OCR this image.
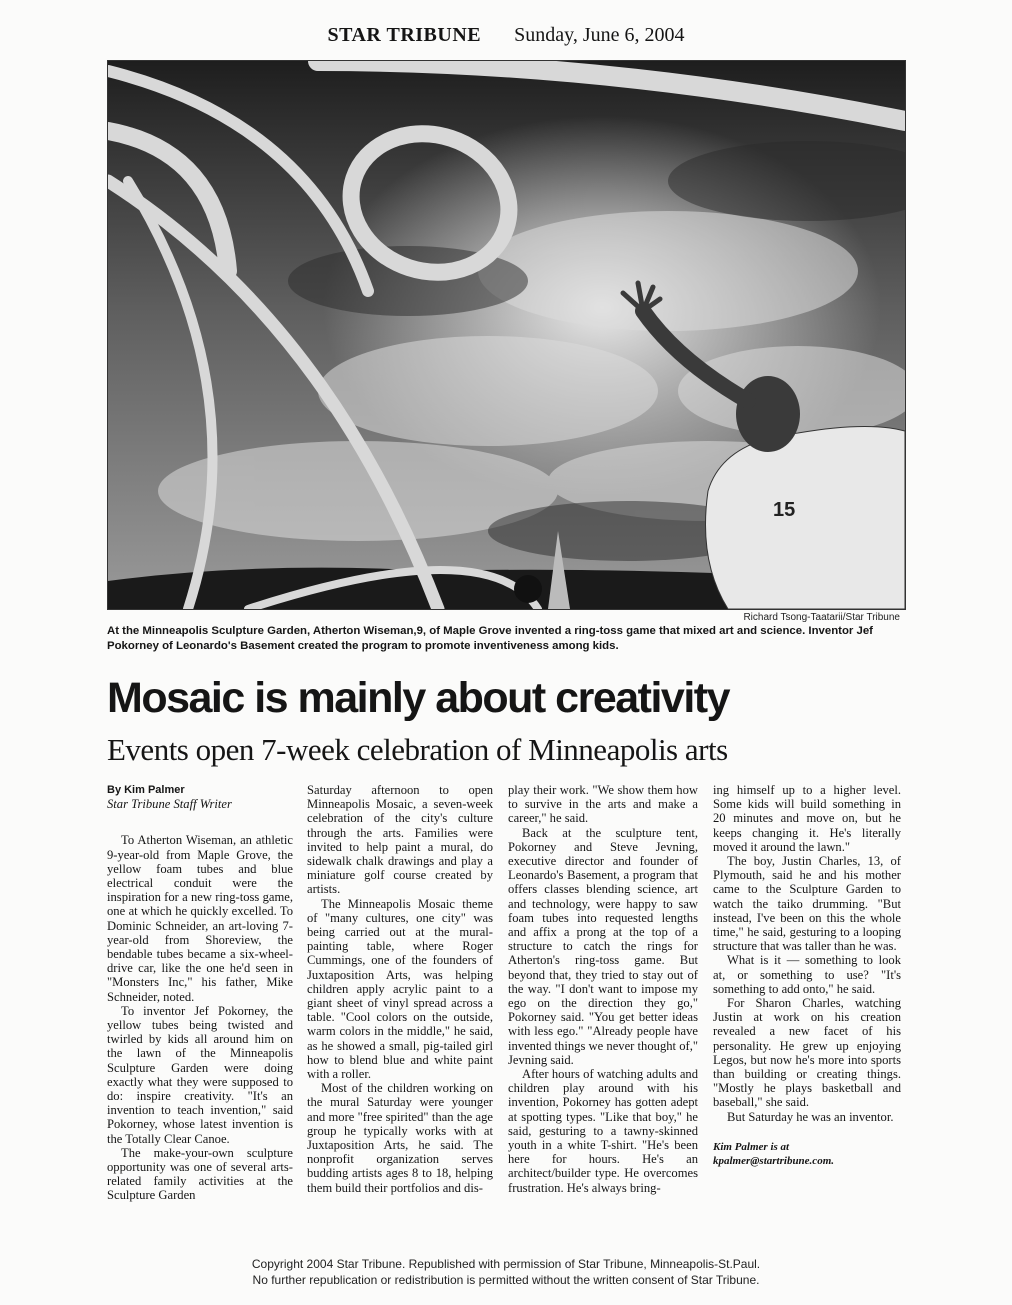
STAR TRIBUNE Sunday, June 6, 2004
15
Richard Tsong-Taatarii/Star Tribune
At the Minneapolis Sculpture Garden, Atherton Wiseman,9, of Maple Grove invented a ring-toss game that mixed art and science. Inventor Jef Pokorney of Leonardo's Basement created the program to promote inventiveness among kids.
Mosaic is mainly about creativity
Events open 7-week celebration of Minneapolis arts

By Kim Palmer

Star Tribune Staff Writer

To Atherton Wiseman, an athletic 9-year-old from Maple Grove, the yellow foam tubes and blue electrical conduit were the inspiration for a new ring-toss game, one at which he quickly excelled. To Dominic Schneider, an art-loving 7-year-old from Shoreview, the bendable tubes became a six-wheel-drive car, like the one he'd seen in "Monsters Inc," his father, Mike Schneider, noted.

To inventor Jef Pokorney, the yellow tubes being twisted and twirled by kids all around him on the lawn of the Minneapolis Sculpture Garden were doing exactly what they were supposed to do: inspire creativity. "It's an invention to teach invention," said Pokorney, whose latest invention is the Totally Clear Canoe.

The make-your-own sculpture opportunity was one of several arts-related family activities at the Sculpture Garden

Saturday afternoon to open Minneapolis Mosaic, a seven-week celebration of the city's culture through the arts. Families were invited to help paint a mural, do sidewalk chalk drawings and play a miniature golf course created by artists.

The Minneapolis Mosaic theme of "many cultures, one city" was being carried out at the mural-painting table, where Roger Cummings, one of the founders of Juxtaposition Arts, was helping children apply acrylic paint to a giant sheet of vinyl spread across a table. "Cool colors on the outside, warm colors in the middle," he said, as he showed a small, pig-tailed girl how to blend blue and white paint with a roller.

Most of the children working on the mural Saturday were younger and more "free spirited" than the age group he typically works with at Juxtaposition Arts, he said. The nonprofit organization serves budding artists ages 8 to 18, helping them build their portfolios and dis-

play their work. "We show them how to survive in the arts and make a career," he said.

Back at the sculpture tent, Pokorney and Steve Jevning, executive director and founder of Leonardo's Basement, a program that offers classes blending science, art and technology, were happy to saw foam tubes into requested lengths and affix a prong at the top of a structure to catch the rings for Atherton's ring-toss game. But beyond that, they tried to stay out of the way. "I don't want to impose my ego on the direction they go," Pokorney said. "You get better ideas with less ego." "Already people have invented things we never thought of," Jevning said.

After hours of watching adults and children play around with his invention, Pokorney has gotten adept at spotting types. "Like that boy," he said, gesturing to a tawny-skinned youth in a white T-shirt. "He's been here for hours. He's an architect/builder type. He overcomes frustration. He's always bring-

ing himself up to a higher level. Some kids will build something in 20 minutes and move on, but he keeps changing it. He's literally moved it around the lawn."

The boy, Justin Charles, 13, of Plymouth, said he and his mother came to the Sculpture Garden to watch the taiko drumming. "But instead, I've been on this the whole time," he said, gesturing to a looping structure that was taller than he was.

What is it — something to look at, or something to use? "It's something to add onto," he said.

For Sharon Charles, watching Justin at work on his creation revealed a new facet of his personality. He grew up enjoying Legos, but now he's more into sports than building or creating things. "Mostly he plays basketball and baseball," she said.

But Saturday he was an inventor.

Kim Palmer is at

kpalmer@startribune.com.

Copyright 2004 Star Tribune. Republished with permission of Star Tribune, Minneapolis-St.Paul.
No further republication or redistribution is permitted without the written consent of Star Tribune.
